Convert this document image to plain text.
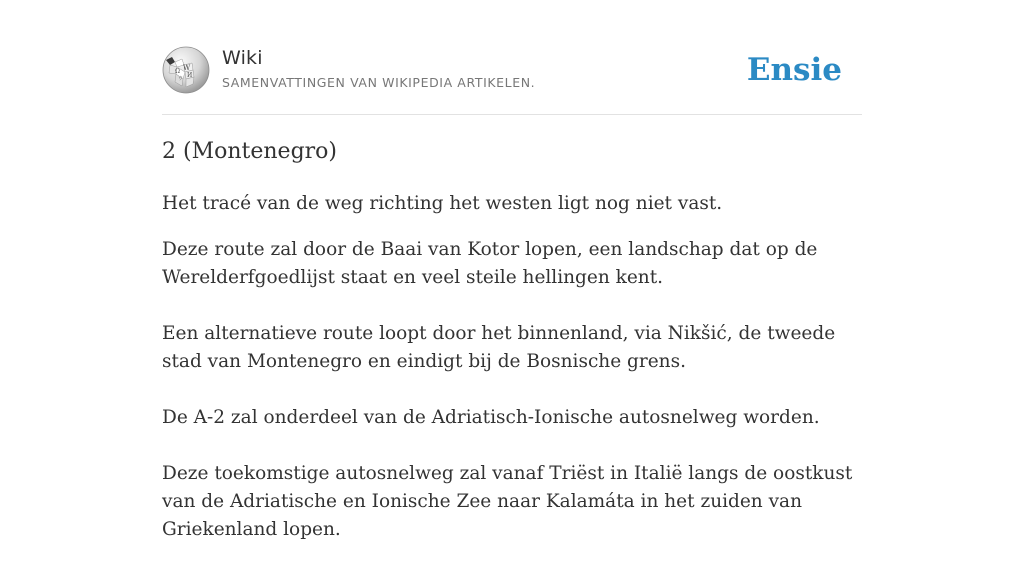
W
Ω
И
ウ
Wiki
SAMENVATTINGEN VAN WIKIPEDIA ARTIKELEN.	Ensie
2 (Montenegro)

Het tracé van de weg richting het westen ligt nog niet vast.

Deze route zal door de Baai van Kotor lopen, een landschap dat op de Werelderfgoedlijst staat en veel steile hellingen kent.

Een alternatieve route loopt door het binnenland, via Nikšić, de tweede stad van Montenegro en eindigt bij de Bosnische grens.

De A-2 zal onderdeel van de Adriatisch-Ionische autosnelweg worden.

Deze toekomstige autosnelweg zal vanaf Triëst in Italië langs de oostkust van de Adriatische en Ionische Zee naar Kalamáta in het zuiden van Griekenland lopen.
